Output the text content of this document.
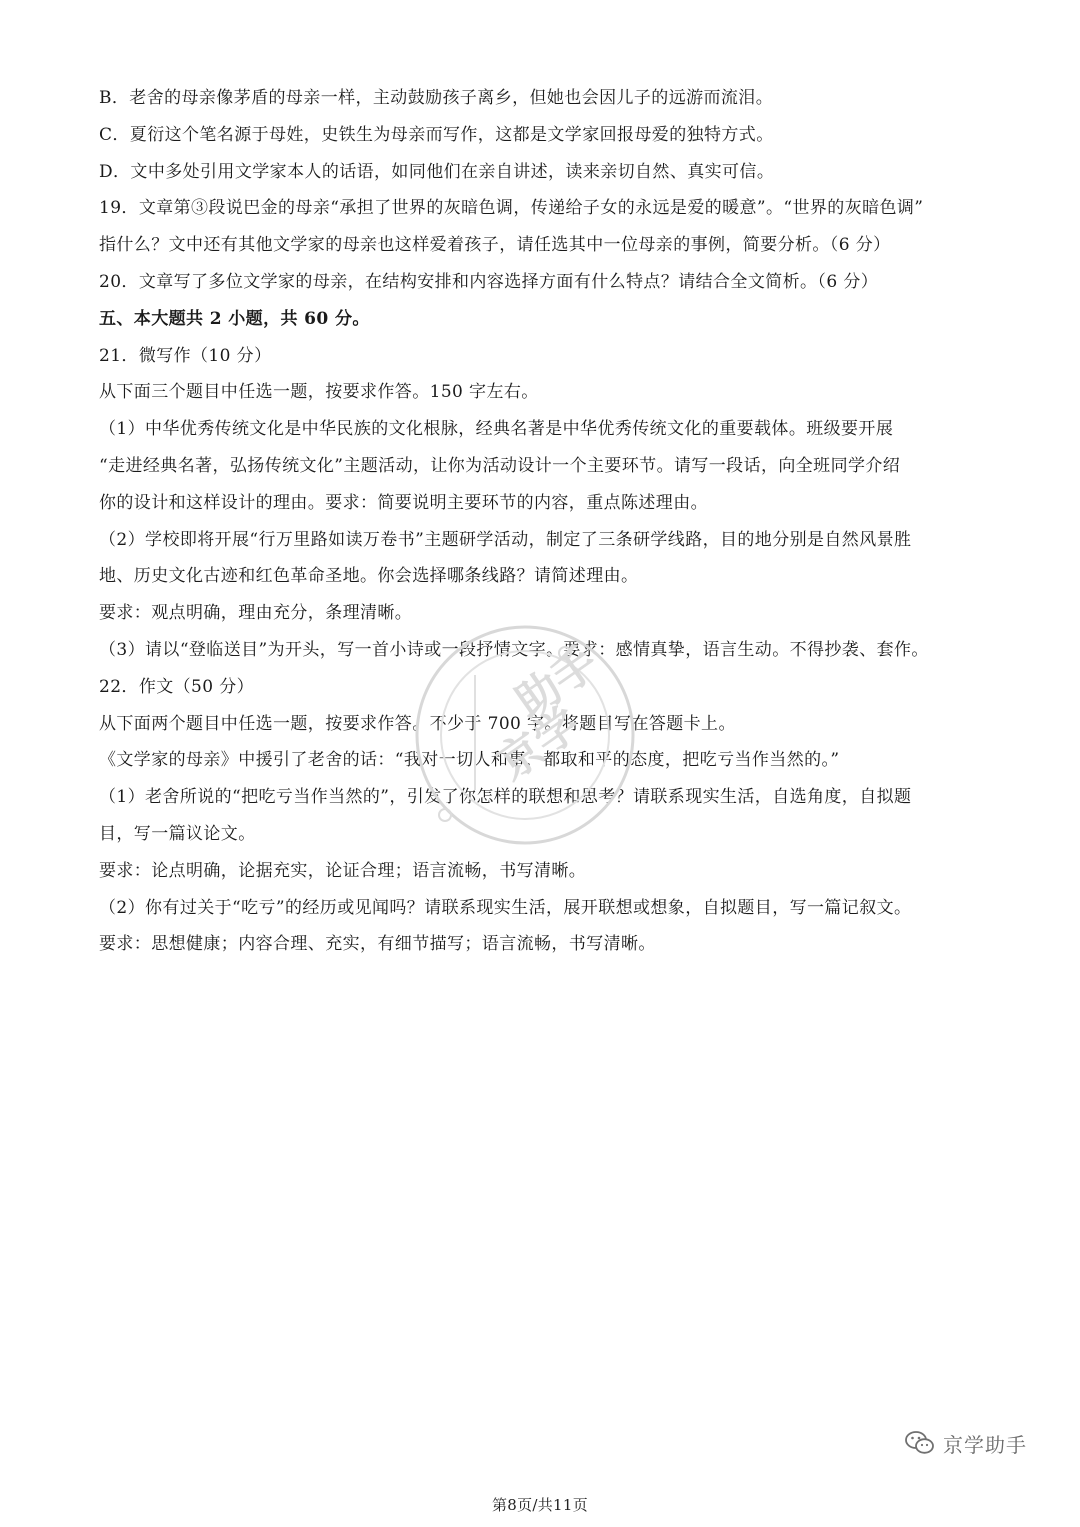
B．老舍的母亲像茅盾的母亲一样，主动鼓励孩子离乡，但她也会因儿子的远游而流泪。
C．夏衍这个笔名源于母姓，史铁生为母亲而写作，这都是文学家回报母爱的独特方式。
D．文中多处引用文学家本人的话语，如同他们在亲自讲述，读来亲切自然、真实可信。
19．文章第③段说巴金的母亲“承担了世界的灰暗色调，传递给子女的永远是爱的暖意”。“世界的灰暗色调”
指什么？文中还有其他文学家的母亲也这样爱着孩子，请任选其中一位母亲的事例，简要分析。（6 分）
20．文章写了多位文学家的母亲，在结构安排和内容选择方面有什么特点？请结合全文简析。（6 分）
五、本大题共 2 小题，共 60 分。
21．微写作（10 分）
从下面三个题目中任选一题，按要求作答。150 字左右。
（1）中华优秀传统文化是中华民族的文化根脉，经典名著是中华优秀传统文化的重要载体。班级要开展
“走进经典名著，弘扬传统文化”主题活动，让你为活动设计一个主要环节。请写一段话，向全班同学介绍
你的设计和这样设计的理由。要求：简要说明主要环节的内容，重点陈述理由。
（2）学校即将开展“行万里路如读万卷书”主题研学活动，制定了三条研学线路，目的地分别是自然风景胜
地、历史文化古迹和红色革命圣地。你会选择哪条线路？请简述理由。
要求：观点明确，理由充分，条理清晰。
（3）请以“登临送目”为开头，写一首小诗或一段抒情文字。要求：感情真挚，语言生动。不得抄袭、套作。
22．作文（50 分）
从下面两个题目中任选一题，按要求作答。不少于 700 字。将题目写在答题卡上。
《文学家的母亲》中援引了老舍的话：“我对一切人和事，都取和平的态度，把吃亏当作当然的。”
（1）老舍所说的“把吃亏当作当然的”，引发了你怎样的联想和思考？请联系现实生活，自选角度，自拟题
目，写一篇议论文。
要求：论点明确，论据充实，论证合理；语言流畅，书写清晰。
（2）你有过关于“吃亏”的经历或见闻吗？请联系现实生活，展开联想或想象，自拟题目，写一篇记叙文。
要求：思想健康；内容合理、充实，有细节描写；语言流畅，书写清晰。
京学
助手
京学助手
第8页/共11页
